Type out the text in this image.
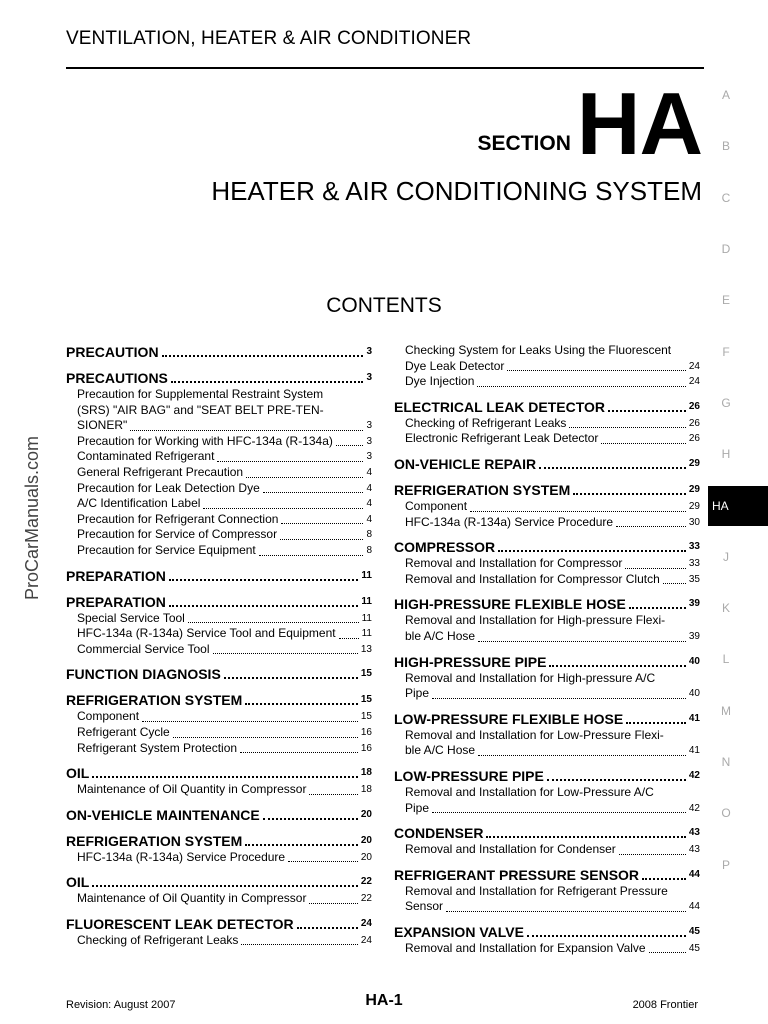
VENTILATION, HEATER & AIR CONDITIONER
SECTION HA
HEATER & AIR CONDITIONING SYSTEM
CONTENTS
PRECAUTION	3
PRECAUTIONS	3
Precaution for Supplemental Restraint System
(SRS) "AIR BAG" and "SEAT BELT PRE-TEN-
SIONER"	3
Precaution for Working with HFC-134a (R-134a)	3
Contaminated Refrigerant	3
General Refrigerant Precaution	4
Precaution for Leak Detection Dye	4
A/C Identification Label	4
Precaution for Refrigerant Connection	4
Precaution for Service of Compressor	8
Precaution for Service Equipment	8
PREPARATION	11
PREPARATION	11
Special Service Tool	11
HFC-134a (R-134a) Service Tool and Equipment	11
Commercial Service Tool	13
FUNCTION DIAGNOSIS	15
REFRIGERATION SYSTEM	15
Component	15
Refrigerant Cycle	16
Refrigerant System Protection	16
OIL	18
Maintenance of Oil Quantity in Compressor	18
ON-VEHICLE MAINTENANCE	20
REFRIGERATION SYSTEM	20
HFC-134a (R-134a) Service Procedure	20
OIL	22
Maintenance of Oil Quantity in Compressor	22
FLUORESCENT LEAK DETECTOR	24
Checking of Refrigerant Leaks	24
Checking System for Leaks Using the Fluorescent
Dye Leak Detector	24
Dye Injection	24
ELECTRICAL LEAK DETECTOR	26
Checking of Refrigerant Leaks	26
Electronic Refrigerant Leak Detector	26
ON-VEHICLE REPAIR	29
REFRIGERATION SYSTEM	29
Component	29
HFC-134a (R-134a) Service Procedure	30
COMPRESSOR	33
Removal and Installation for Compressor	33
Removal and Installation for Compressor Clutch	35
HIGH-PRESSURE FLEXIBLE HOSE	39
Removal and Installation for High-pressure Flexi-
ble A/C Hose	39
HIGH-PRESSURE PIPE	40
Removal and Installation for High-pressure A/C
Pipe	40
LOW-PRESSURE FLEXIBLE HOSE	41
Removal and Installation for Low-Pressure Flexi-
ble A/C Hose	41
LOW-PRESSURE PIPE	42
Removal and Installation for Low-Pressure A/C
Pipe	42
CONDENSER	43
Removal and Installation for Condenser	43
REFRIGERANT PRESSURE SENSOR	44
Removal and Installation for Refrigerant Pressure
Sensor	44
EXPANSION VALVE	45
Removal and Installation for Expansion Valve	45
ProCarManuals.com
A
B
C
D
E
F
G
H
HA
J
K
L
M
N
O
P
Revision: August 2007	HA-1	2008 Frontier
